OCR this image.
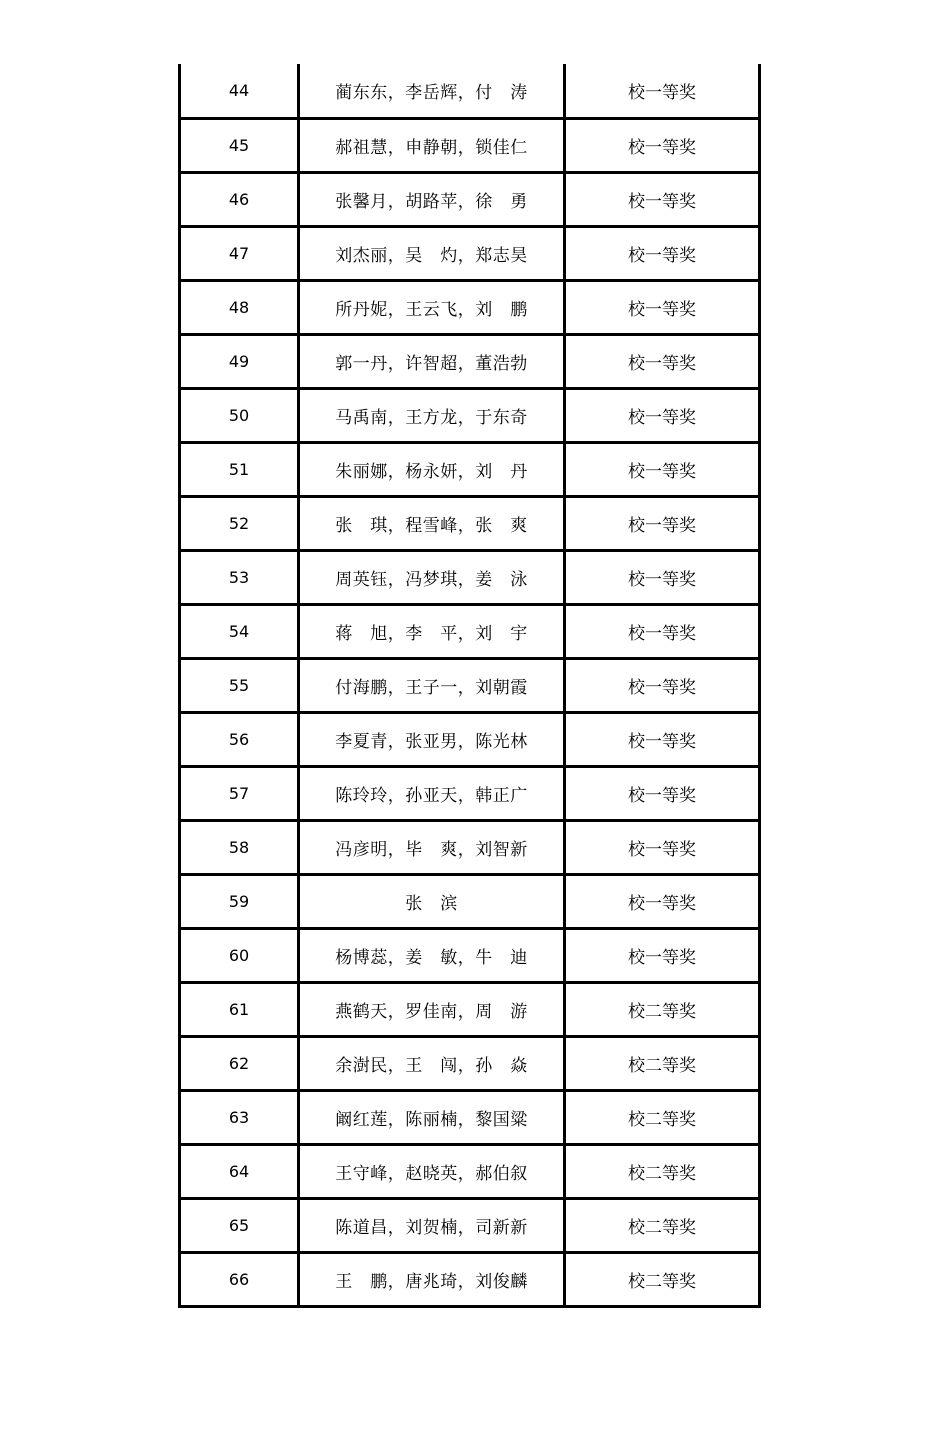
44	蔺东东，李岳辉，付　涛	校一等奖
45	郝祖慧，申静朝，锁佳仁	校一等奖
46	张馨月，胡路苹，徐　勇	校一等奖
47	刘杰丽，吴　灼，郑志昊	校一等奖
48	所丹妮，王云飞，刘　鹏	校一等奖
49	郭一丹，许智超，董浩勃	校一等奖
50	马禹南，王方龙，于东奇	校一等奖
51	朱丽娜，杨永妍，刘　丹	校一等奖
52	张　琪，程雪峰，张　爽	校一等奖
53	周英钰，冯梦琪，姜　泳	校一等奖
54	蒋　旭，李　平，刘　宇	校一等奖
55	付海鹏，王子一，刘朝霞	校一等奖
56	李夏青，张亚男，陈光林	校一等奖
57	陈玲玲，孙亚天，韩正广	校一等奖
58	冯彦明，毕　爽，刘智新	校一等奖
59	张　滨	校一等奖
60	杨博蕊，姜　敏，牛　迪	校一等奖
61	燕鹤天，罗佳南，周　游	校二等奖
62	余澍民，王　闯，孙　焱	校二等奖
63	阚红莲，陈丽楠，黎国粱	校二等奖
64	王守峰，赵晓英，郝伯叙	校二等奖
65	陈道昌，刘贺楠，司新新	校二等奖
66	王　鹏，唐兆琦，刘俊麟	校二等奖
